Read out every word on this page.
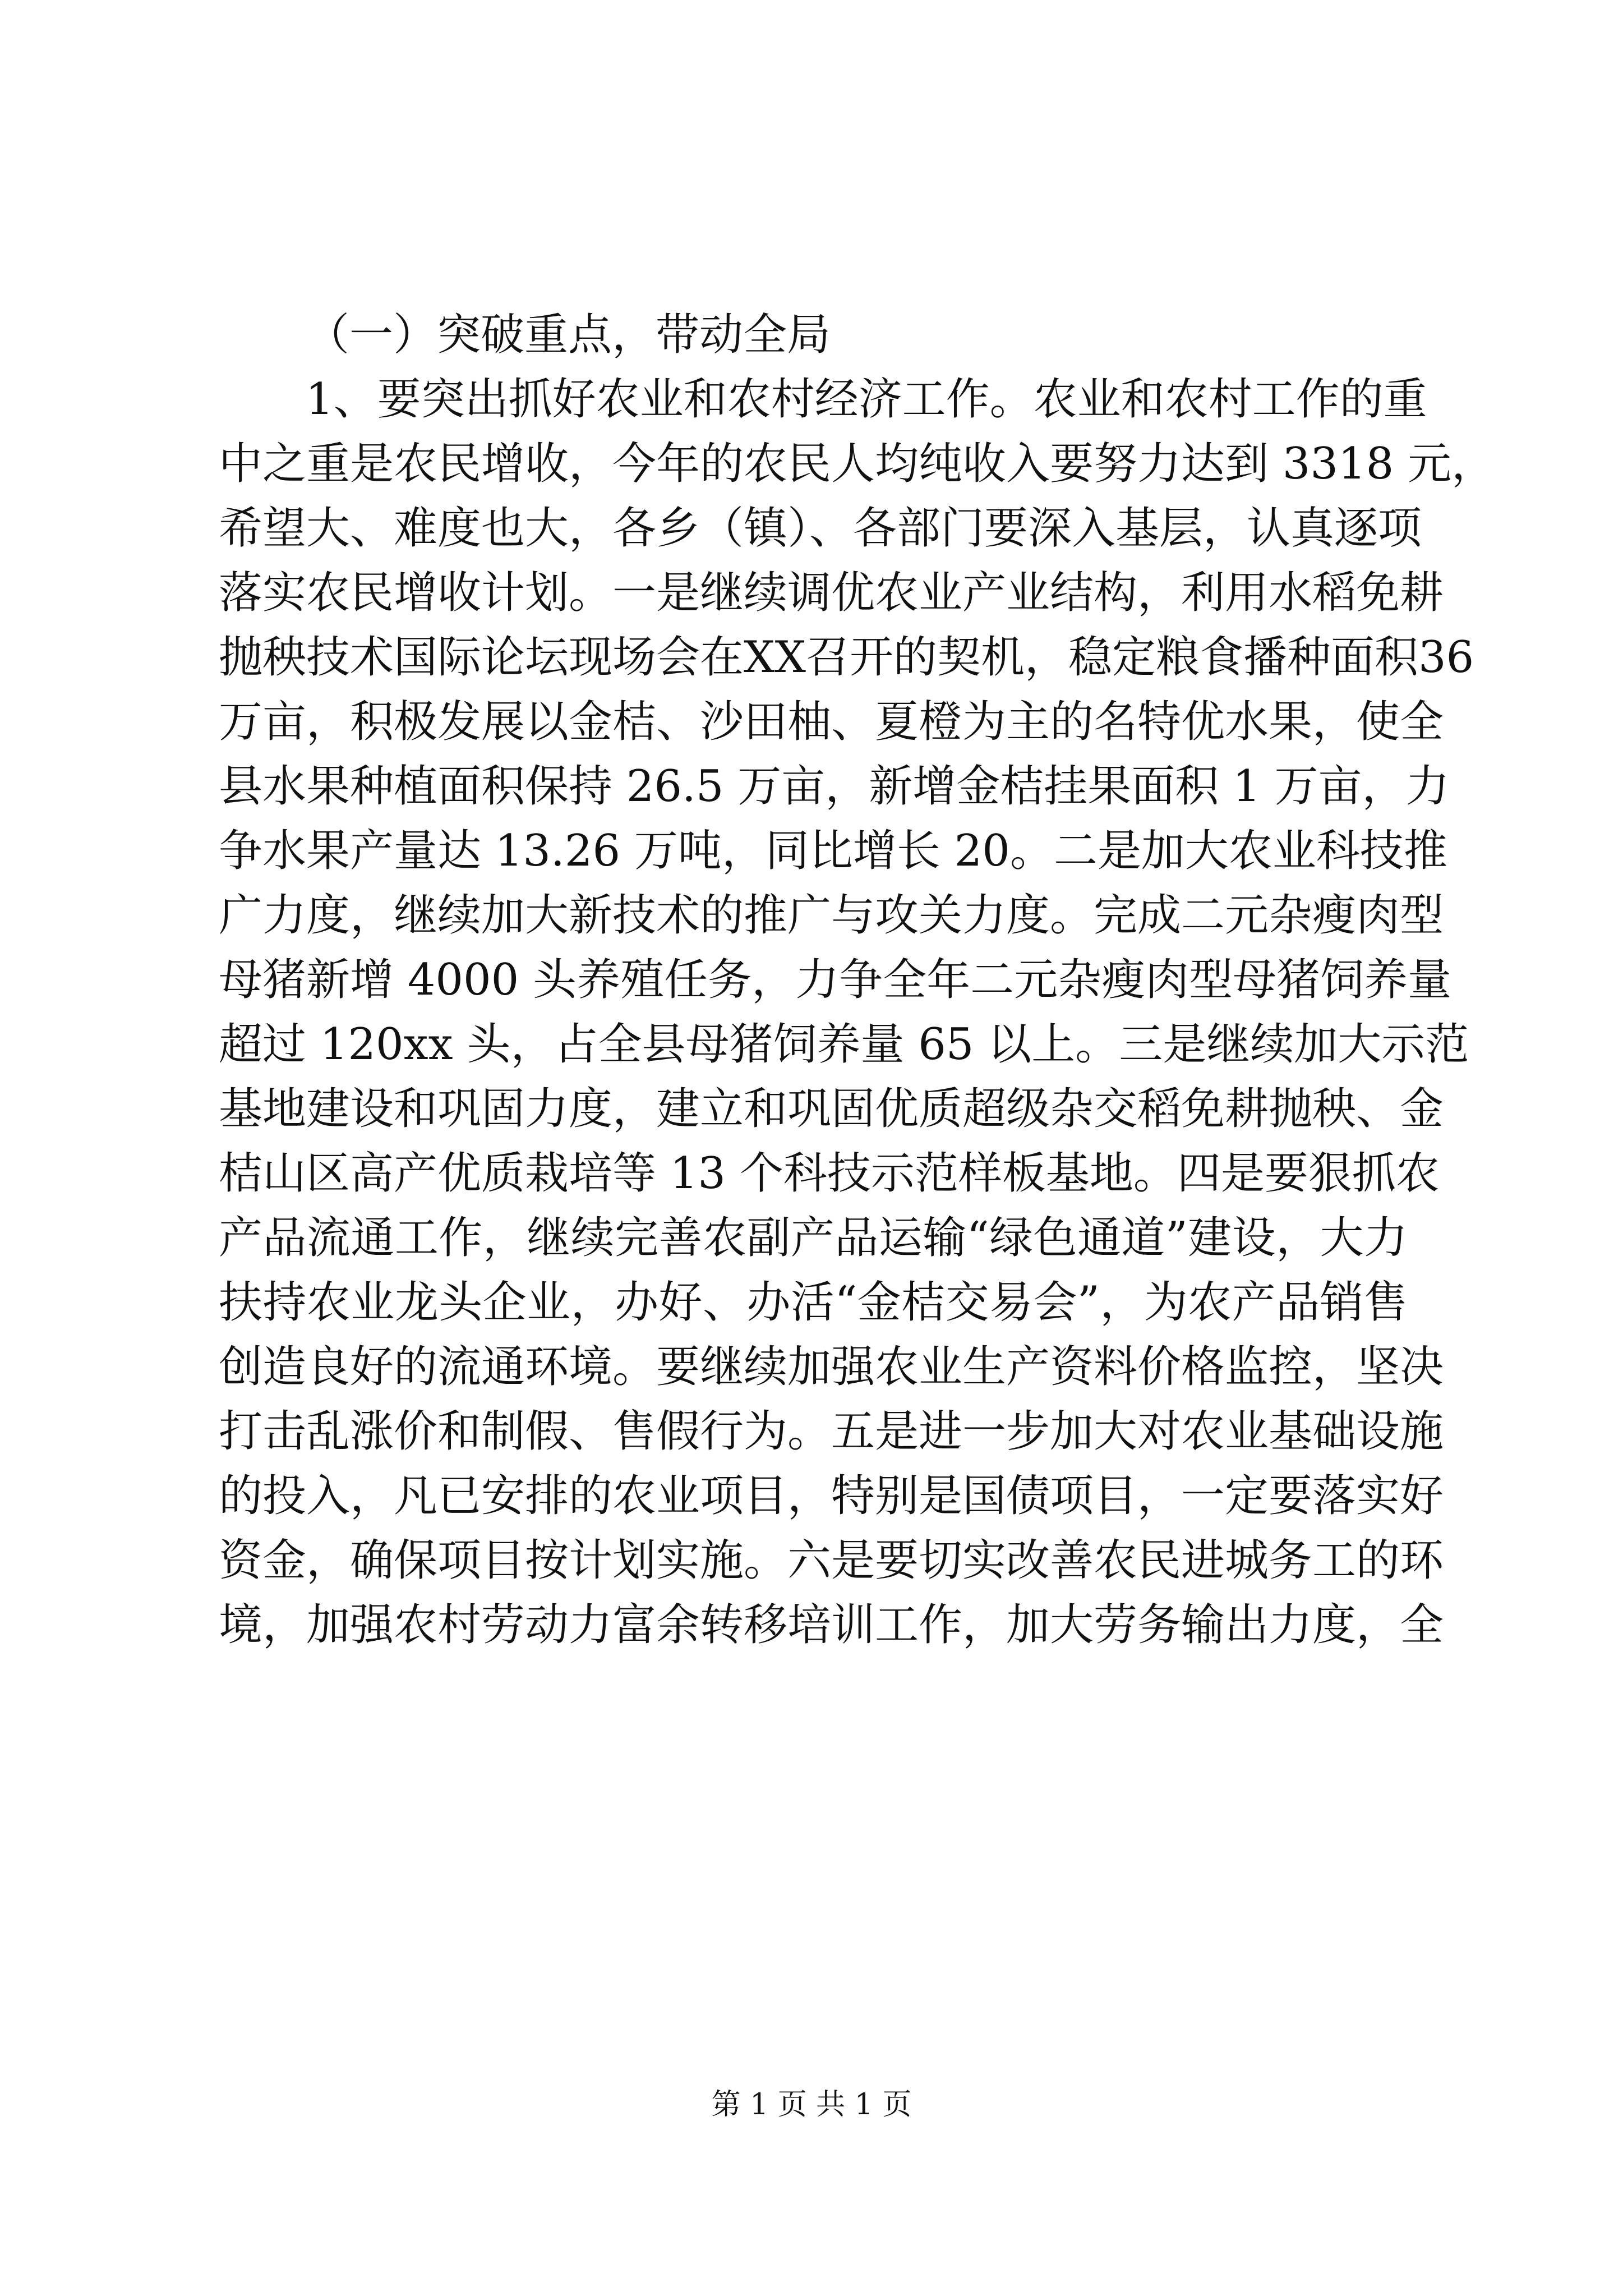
（一）突破重点，带动全局
1、要突出抓好农业和农村经济工作。农业和农村工作的重
中之重是农民增收，今年的农民人均纯收入要努力达到 3318 元，
希望大、难度也大，各乡（镇）、各部门要深入基层，认真逐项
落实农民增收计划。一是继续调优农业产业结构，利用水稻免耕
抛秧技术国际论坛现场会在XX召开的契机，稳定粮食播种面积36
万亩，积极发展以金桔、沙田柚、夏橙为主的名特优水果，使全
县水果种植面积保持 26.5 万亩，新增金桔挂果面积 1 万亩，力
争水果产量达 13.26 万吨，同比增长 20。二是加大农业科技推
广力度，继续加大新技术的推广与攻关力度。完成二元杂瘦肉型
母猪新增 4000 头养殖任务，力争全年二元杂瘦肉型母猪饲养量
超过 120xx 头，占全县母猪饲养量 65 以上。三是继续加大示范
基地建设和巩固力度，建立和巩固优质超级杂交稻免耕抛秧、金
桔山区高产优质栽培等 13 个科技示范样板基地。四是要狠抓农
产品流通工作，继续完善农副产品运输“绿色通道”建设，大力
扶持农业龙头企业，办好、办活“金桔交易会”，为农产品销售
创造良好的流通环境。要继续加强农业生产资料价格监控，坚决
打击乱涨价和制假、售假行为。五是进一步加大对农业基础设施
的投入，凡已安排的农业项目，特别是国债项目，一定要落实好
资金，确保项目按计划实施。六是要切实改善农民进城务工的环
境，加强农村劳动力富余转移培训工作，加大劳务输出力度，全
第 1 页 共 1 页
